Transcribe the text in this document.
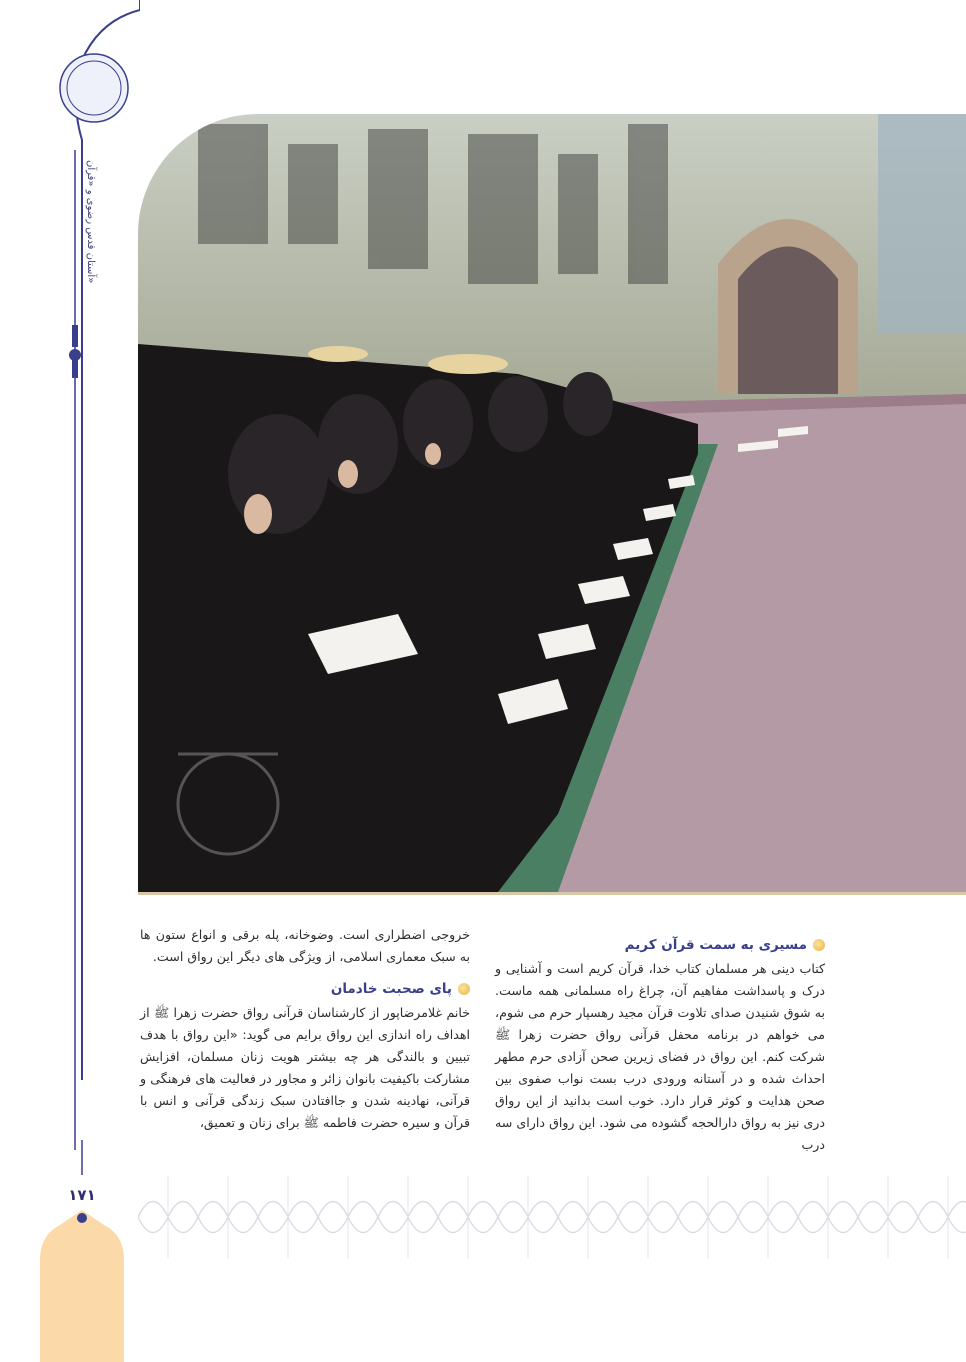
آستان قدس رضوی و «قرآن»
۱۷۱
مسیری به سمت قرآن کریم

کتاب دینی هر مسلمان کتاب خدا، قرآن کریم است و آشنایی و درک و پاسداشت مفاهیم آن، چراغ راه مسلمانی همه ماست. به شوق شنیدن صدای تلاوت قرآن مجید رهسپار حرم می شوم، می خواهم در برنامه محفل قرآنی رواق حضرت زهرا ﷺ شرکت کنم. این رواق در فضای زیرین صحن آزادی حرم مطهر احداث شده و در آستانه ورودی درب بست نواب صفوی بین صحن هدایت و کوثر قرار دارد. خوب است بدانید از این رواق دری نیز به رواق دارالحجه گشوده می شود. این رواق دارای سه درب

خروجی اضطراری است. وضوخانه، پله برقی و انواع ستون ها به سبک معماری اسلامی، از ویژگی های دیگر این رواق است.

پای صحبت خادمان

خانم غلامرضاپور از کارشناسان قرآنی رواق حضرت زهرا ﷺ از اهداف راه اندازی این رواق برایم می گوید: «این رواق با هدف تبیین و بالندگی هر چه بیشتر هویت زنان مسلمان، افزایش مشارکت باکیفیت بانوان زائر و مجاور در فعالیت های فرهنگی و قرآنی، نهادینه شدن و جاافتادن سبک زندگی قرآنی و انس با قرآن و سیره حضرت فاطمه ﷺ برای زنان و تعمیق،
